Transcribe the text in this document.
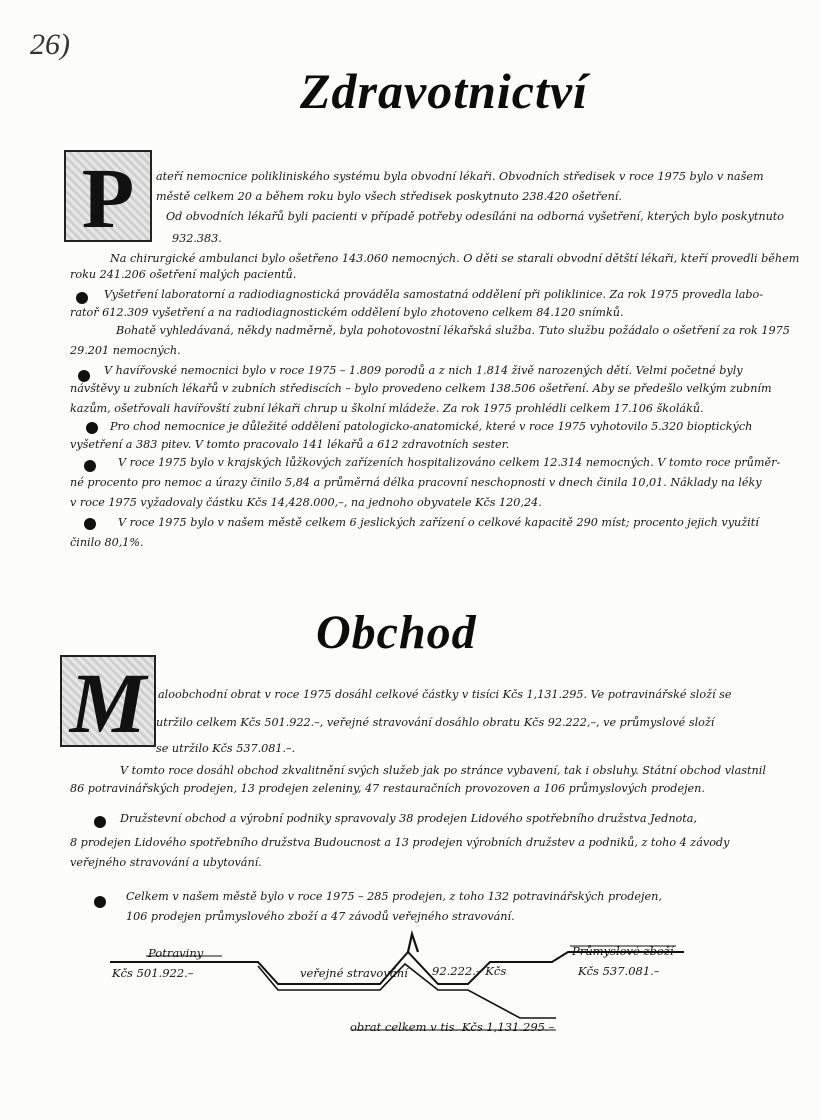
26)
Zdravotnictví
P	ateří nemocnice polikliniského systému byla obvodní lékaři. Obvodních středisek v roce 1975 bylo v našem
městě celkem 20 a během roku bylo všech středisek poskytnuto 238.420 ošetření.
Od obvodních lékařů byli pacienti v případě potřeby odesíláni na odborná vyšetření, kterých bylo poskytnuto
932.383.
Na chirurgické ambulanci bylo ošetřeno 143.060 nemocných. O děti se starali obvodní dětští lékaři, kteří provedli během
roku 241.206 ošetření malých pacientů.
Vyšetření laboratorní a radiodiagnostická prováděla samostatná oddělení při poliklinice. Za rok 1975 provedla labo-
ratoř 612.309 vyšetření a na radiodiagnostickém oddělení bylo zhotoveno celkem 84.120 snímků.
Bohatě vyhledávaná, někdy nadměrně, byla pohotovostní lékařská služba. Tuto službu požádalo o ošetření za rok 1975
29.201 nemocných.
V havířovské nemocnici bylo v roce 1975 – 1.809 porodů a z nich 1.814 živě narozených dětí. Velmi početné byly
návštěvy u zubních lékařů v zubních střediscích – bylo provedeno celkem 138.506 ošetření. Aby se předešlo velkým zubním
kazům, ošetřovali havířovští zubní lékaři chrup u školní mládeže. Za rok 1975 prohlédli celkem 17.106 školáků.
Pro chod nemocnice je důležité oddělení patologicko-anatomické, které v roce 1975 vyhotovilo 5.320 bioptických
vyšetření a 383 pitev. V tomto pracovalo 141 lékařů a 612 zdravotních sester.
V roce 1975 bylo v krajských lůžkových zařízeních hospitalizováno celkem 12.314 nemocných. V tomto roce průměr-
né procento pro nemoc a úrazy činilo 5,84 a průměrná délka pracovní neschopnosti v dnech činila 10,01. Náklady na léky
v roce 1975 vyžadovaly částku Kčs 14,428.000,–, na jednoho obyvatele Kčs 120,24.
V roce 1975 bylo v našem městě celkem 6 jeslických zařízení o celkové kapacitě 290 míst; procento jejich využití
činilo 80,1%.
Obchod
M	aloobchodní obrat v roce 1975 dosáhl celkové částky v tisíci Kčs 1,131.295. Ve potravinářské složí se
utržilo celkem Kčs 501.922.–, veřejné stravování dosáhlo obratu Kčs 92.222,–, ve průmyslové složí
se utržilo Kčs 537.081.–.
V tomto roce dosáhl obchod zkvalitnění svých služeb jak po stránce vybavení, tak i obsluhy. Státní obchod vlastnil
86 potravinářských prodejen, 13 prodejen zeleniny, 47 restauračních provozoven a 106 průmyslových prodejen.
Družstevní obchod a výrobní podniky spravovaly 38 prodejen Lidového spotřebního družstva Jednota,
8 prodejen Lidového spotřebního družstva Budoucnost a 13 prodejen výrobních družstev a podniků, z toho 4 závody
veřejného stravování a ubytování.
Celkem v našem městě bylo v roce 1975 – 285 prodejen, z toho 132 potravinářských prodejen,
106 prodejen průmyslového zboží a 47 závodů veřejného stravování.
Potraviny
Kčs 501.922.–	veřejné stravování 92.222.– Kčs
Průmyslové zboží
Kčs 537.081.–
obrat celkem v tis. Kčs 1,131.295.–
